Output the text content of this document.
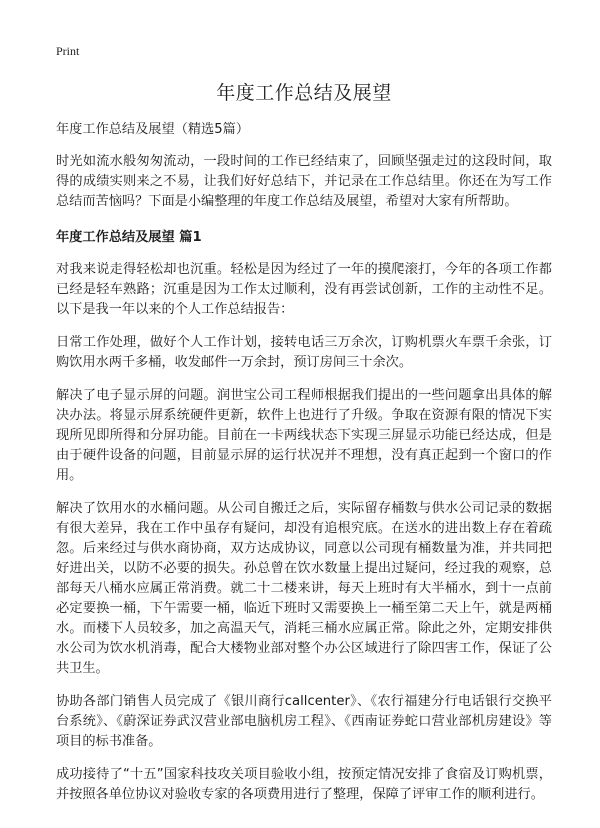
Print
年度工作总结及展望
年度工作总结及展望（精选5篇）

时光如流水般匆匆流动，一段时间的工作已经结束了，回顾坚强走过的这段时间，取得的成绩实则来之不易，让我们好好总结下，并记录在工作总结里。你还在为写工作总结而苦恼吗？下面是小编整理的年度工作总结及展望，希望对大家有所帮助。

年度工作总结及展望 篇1

对我来说走得轻松却也沉重。轻松是因为经过了一年的摸爬滚打，今年的各项工作都已经是轻车熟路；沉重是因为工作太过顺利，没有再尝试创新，工作的主动性不足。以下是我一年以来的个人工作总结报告：

日常工作处理，做好个人工作计划，接转电话三万余次，订购机票火车票千余张，订购饮用水两千多桶，收发邮件一万余封，预订房间三十余次。

解决了电子显示屏的问题。润世宝公司工程师根据我们提出的一些问题拿出具体的解决办法。将显示屏系统硬件更新，软件上也进行了升级。争取在资源有限的情况下实现所见即所得和分屏功能。目前在一卡两线状态下实现三屏显示功能已经达成，但是由于硬件设备的问题，目前显示屏的运行状况并不理想，没有真正起到一个窗口的作用。

解决了饮用水的水桶问题。从公司自搬迁之后，实际留存桶数与供水公司记录的数据有很大差异，我在工作中虽存有疑问，却没有追根究底。在送水的进出数上存在着疏忽。后来经过与供水商协商，双方达成协议，同意以公司现有桶数量为准，并共同把好进出关，以防不必要的损失。孙总曾在饮水数量上提出过疑问，经过我的观察，总部每天八桶水应属正常消费。就二十二楼来讲，每天上班时有大半桶水，到十一点前必定要换一桶，下午需要一桶，临近下班时又需要换上一桶至第二天上午，就是两桶水。而楼下人员较多，加之高温天气，消耗三桶水应属正常。除此之外，定期安排供水公司为饮水机消毒，配合大楼物业部对整个办公区域进行了除四害工作，保证了公共卫生。

协助各部门销售人员完成了《银川商行callcenter》、《农行福建分行电话银行交换平台系统》、《蔚深证券武汉营业部电脑机房工程》、《西南证券蛇口营业部机房建设》等项目的标书准备。

成功接待了“十五”国家科技攻关项目验收小组，按预定情况安排了食宿及订购机票，并按照各单位协议对验收专家的各项费用进行了整理，保障了评审工作的顺利进行。
